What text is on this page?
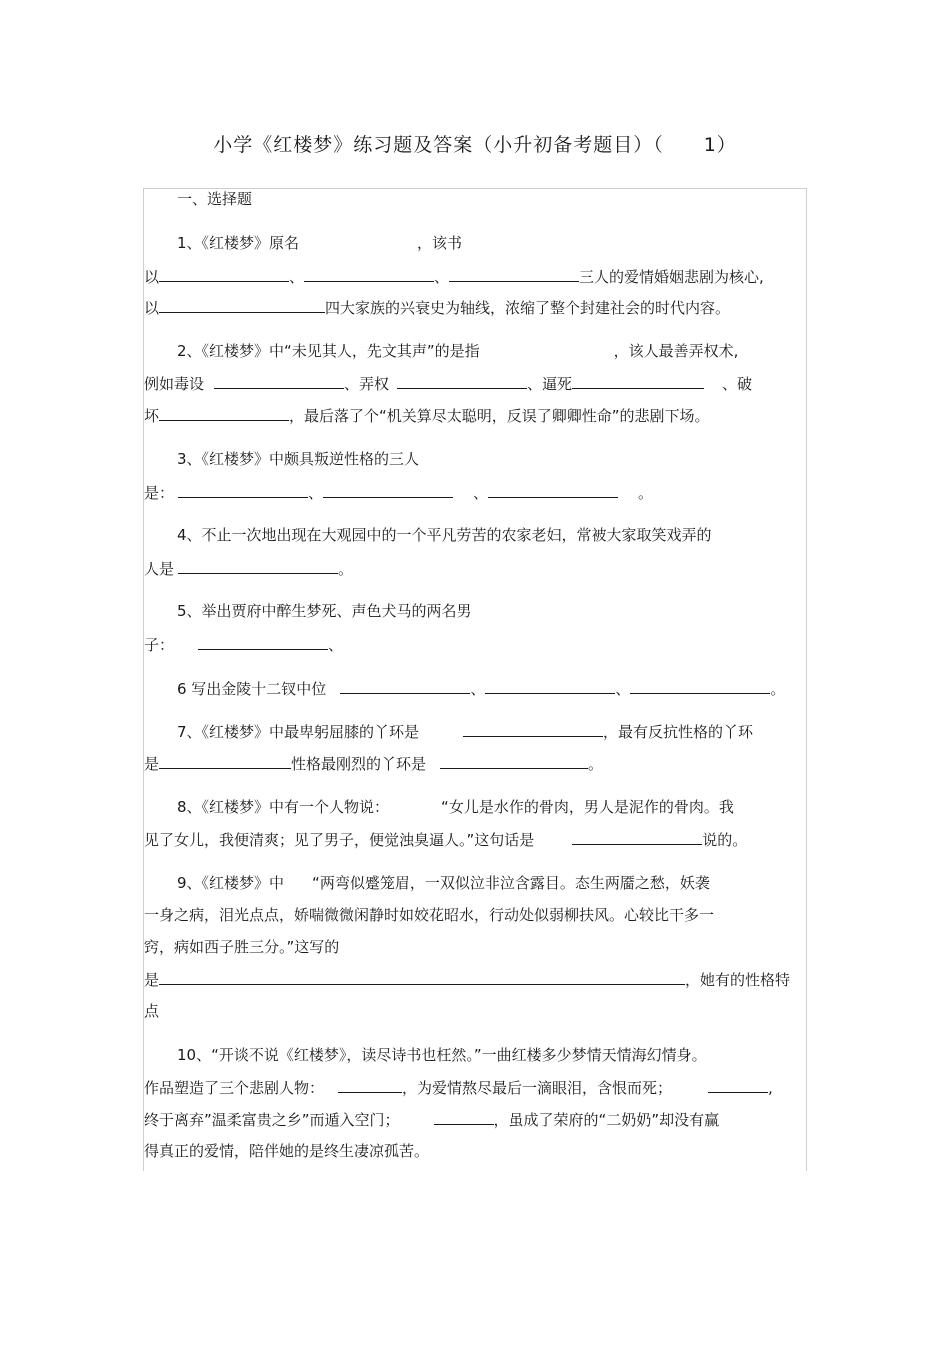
小学《红楼梦》练习题及答案（小升初备考题目）（　　1）
一、选择题
1、《红楼梦》原名	，该书
以	、	、	三人的爱情婚姻悲剧为核心,
以	四大家族的兴衰史为轴线，浓缩了整个封建社会的时代内容。
2、《红楼梦》中“未见其人，先文其声”的是指	，该人最善弄权术,
例如毒设	、弄权	、逼死	、破
坏	，最后落了个“机关算尽太聪明，反误了卿卿性命”的悲剧下场。
3、《红楼梦》中颇具叛逆性格的三人
是：	、	、	。
4、不止一次地出现在大观园中的一个平凡劳苦的农家老妇，常被大家取笑戏弄的
人是	。
5、举出贾府中醉生梦死、声色犬马的两名男
子：	、
6 写出金陵十二钗中位	、	、	。
7、《红楼梦》中最卑躬屈膝的丫环是	，最有反抗性格的丫环
是	性格最刚烈的丫环是	。
8、《红楼梦》中有一个人物说：	“女儿是水作的骨肉，男人是泥作的骨肉。我
见了女儿，我便清爽；见了男子，便觉浊臭逼人。”这句话是	说的。
9、《红楼梦》中 “两弯似蹙笼眉，一双似泣非泣含露目。态生两靥之愁，妖袭
一身之病，泪光点点，娇喘微微闲静时如姣花昭水，行动处似弱柳扶风。心较比干多一
窍，病如西子胜三分。”这写的
是	，她有的性格特
点
10、“开谈不说《红楼梦》，读尽诗书也枉然。”一曲红楼多少梦情天情海幻情身。
作品塑造了三个悲剧人物：	，为爱情熬尽最后一滴眼泪，含恨而死；	,
终于离弃”温柔富贵之乡”而遁入空门；	，虽成了荣府的“二奶奶”却没有赢
得真正的爱情，陪伴她的是终生凄凉孤苦。
